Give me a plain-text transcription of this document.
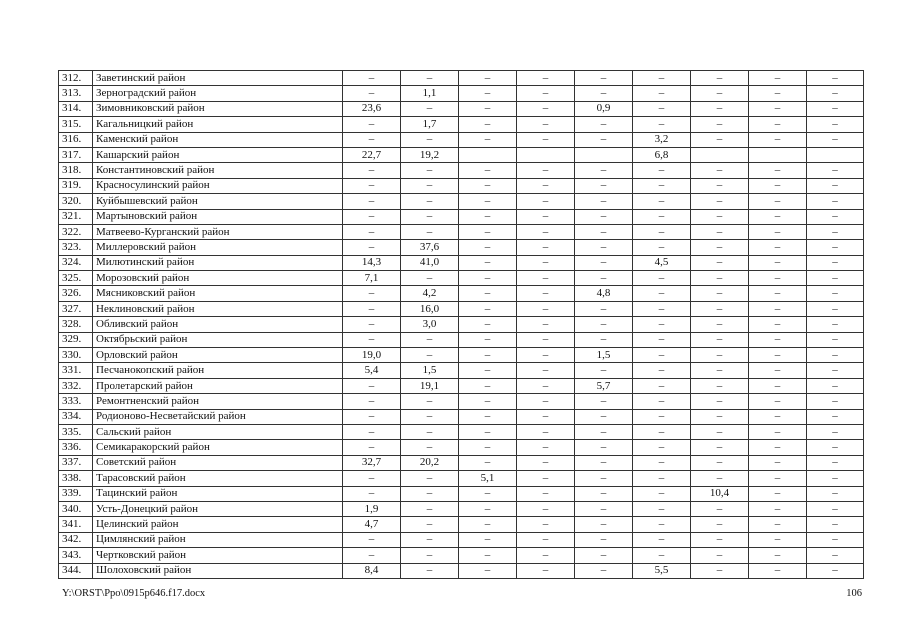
312.	Заветинский район	–	–	–	–	–	–	–	–	–
313.	Зерноградский район	–	1,1	–	–	–	–	–	–	–
314.	Зимовниковский район	23,6	–	–	–	0,9	–	–	–	–
315.	Кагальницкий район	–	1,7	–	–	–	–	–	–	–
316.	Каменский район	–	–	–	–	–	3,2	–	–	–
317.	Кашарский район	22,7	19,2				6,8			
318.	Константиновский район	–	–	–	–	–	–	–	–	–
319.	Красносулинский район	–	–	–	–	–	–	–	–	–
320.	Куйбышевский район	–	–	–	–	–	–	–	–	–
321.	Мартыновский район	–	–	–	–	–	–	–	–	–
322.	Матвеево-Курганский район	–	–	–	–	–	–	–	–	–
323.	Миллеровский район	–	37,6	–	–	–	–	–	–	–
324.	Милютинский район	14,3	41,0	–	–	–	4,5	–	–	–
325.	Морозовский район	7,1	–	–	–	–	–	–	–	–
326.	Мясниковский район	–	4,2	–	–	4,8	–	–	–	–
327.	Неклиновский район	–	16,0	–	–	–	–	–	–	–
328.	Обливский район	–	3,0	–	–	–	–	–	–	–
329.	Октябрьский район	–	–	–	–	–	–	–	–	–
330.	Орловский район	19,0	–	–	–	1,5	–	–	–	–
331.	Песчанокопский район	5,4	1,5	–	–	–	–	–	–	–
332.	Пролетарский район	–	19,1	–	–	5,7	–	–	–	–
333.	Ремонтненский район	–	–	–	–	–	–	–	–	–
334.	Родионово-Несветайский район	–	–	–	–	–	–	–	–	–
335.	Сальский район	–	–	–	–	–	–	–	–	–
336.	Семикаракорский район	–	–	–	–	–	–	–	–	–
337.	Советский район	32,7	20,2	–	–	–	–	–	–	–
338.	Тарасовский район	–	–	5,1	–	–	–	–	–	–
339.	Тацинский район	–	–	–	–	–	–	10,4	–	–
340.	Усть-Донецкий район	1,9	–	–	–	–	–	–	–	–
341.	Целинский район	4,7	–	–	–	–	–	–	–	–
342.	Цимлянский район	–	–	–	–	–	–	–	–	–
343.	Чертковский район	–	–	–	–	–	–	–	–	–
344.	Шолоховский район	8,4	–	–	–	–	5,5	–	–	–
Y:\ORST\Ppo\0915p646.f17.docx	106
